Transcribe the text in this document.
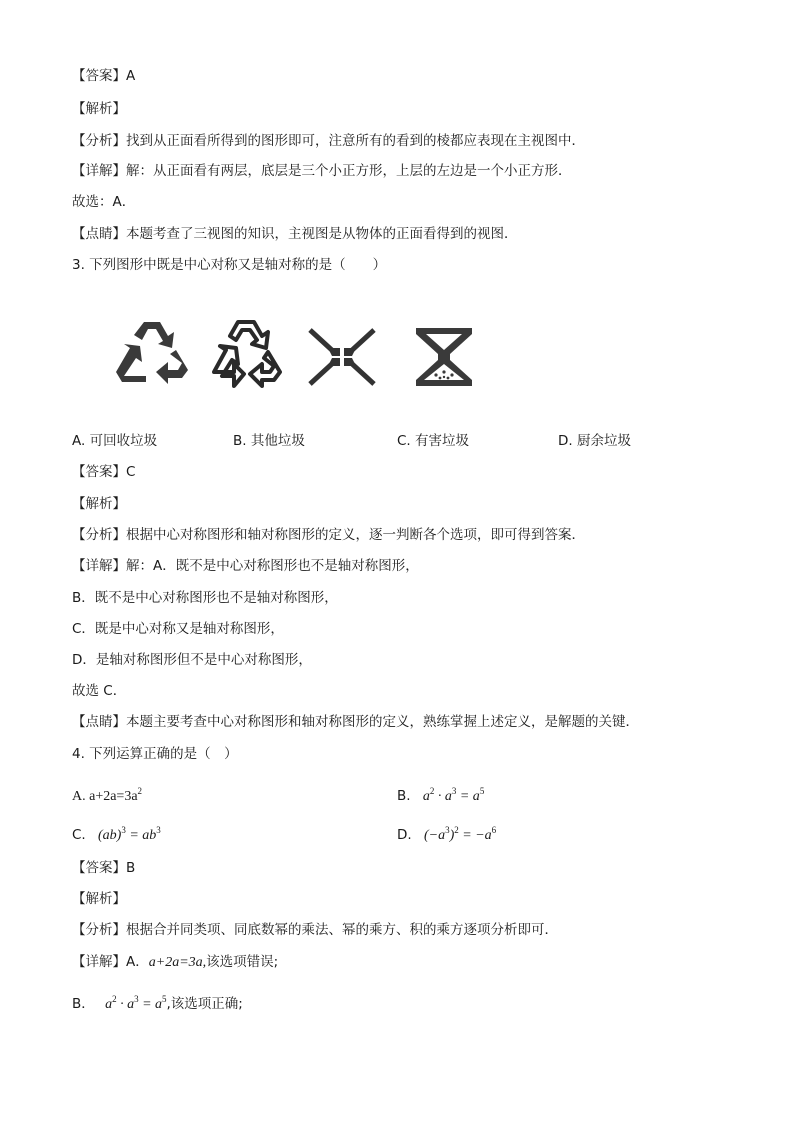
【答案】A
【解析】
【分析】找到从正面看所得到的图形即可，注意所有的看到的棱都应表现在主视图中．
【详解】解：从正面看有两层，底层是三个小正方形，上层的左边是一个小正方形．
故选：A．
【点睛】本题考查了三视图的知识，主视图是从物体的正面看得到的视图．
3. 下列图形中既是中心对称又是轴对称的是（　　）
A. 可回收垃圾	B. 其他垃圾	C. 有害垃圾	D. 厨余垃圾
【答案】C
【解析】
【分析】根据中心对称图形和轴对称图形的定义，逐一判断各个选项，即可得到答案．
【详解】解：A．既不是中心对称图形也不是轴对称图形，
B．既不是中心对称图形也不是轴对称图形，
C．既是中心对称又是轴对称图形，
D．是轴对称图形但不是中心对称图形，
故选 C．
【点睛】本题主要考查中心对称图形和轴对称图形的定义，熟练掌握上述定义，是解题的关键．
4. 下列运算正确的是（　）
A. $a+2a=3a^2$	B. $a^2 \cdot a^3 = a^5$
C. $(ab)^3 = ab^3$	D. $(-a^3)^2 = -a^6$
【答案】B
【解析】
【分析】根据合并同类项、同底数幂的乘法、幂的乘方、积的乘方逐项分析即可．
【详解】A．a+2a=3a,该选项错误;
B． $a^2 \cdot a^3 = a^5$,该选项正确;
